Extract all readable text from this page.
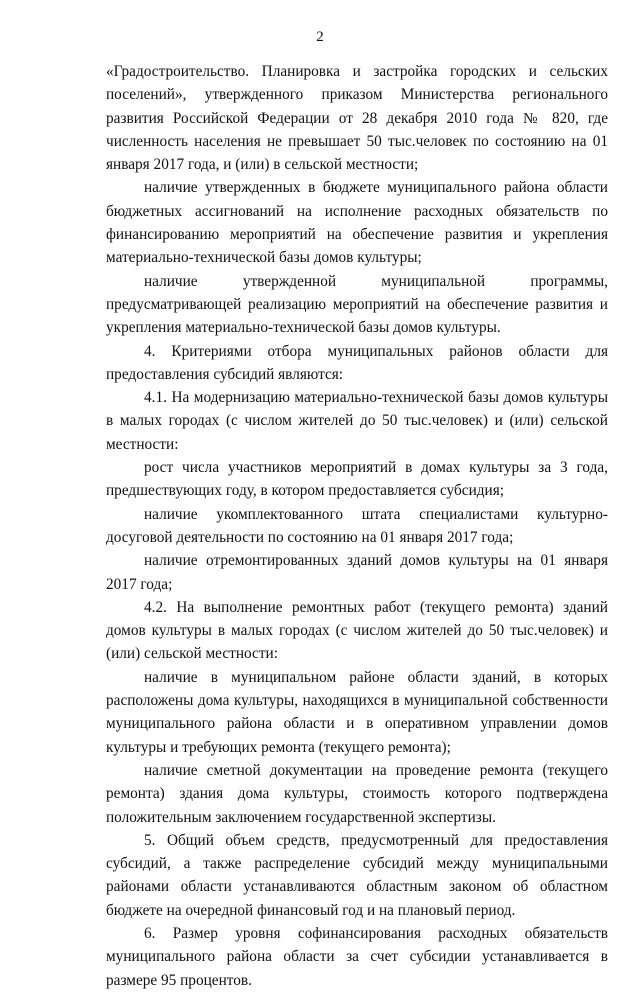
2

«Градостроительство. Планировка и застройка городских и сельских поселений», утвержденного приказом Министерства регионального развития Российской Федерации от 28 декабря 2010 года № 820, где численность населения не превышает 50 тыс.человек по состоянию на 01 января 2017 года, и (или) в сельской местности;

наличие утвержденных в бюджете муниципального района области бюджетных ассигнований на исполнение расходных обязательств по финансированию мероприятий на обеспечение развития и укрепления материально-технической базы домов культуры;

наличие утвержденной муниципальной программы, предусматривающей реализацию мероприятий на обеспечение развития и укрепления материально-технической базы домов культуры.

4. Критериями отбора муниципальных районов области для предоставления субсидий являются:

4.1. На модернизацию материально-технической базы домов культуры в малых городах (с числом жителей до 50 тыс.человек) и (или) сельской местности:

рост числа участников мероприятий в домах культуры за 3 года, предшествующих году, в котором предоставляется субсидия;

наличие укомплектованного штата специалистами культурно-досуговой деятельности по состоянию на 01 января 2017 года;

наличие отремонтированных зданий домов культуры на 01 января 2017 года;

4.2. На выполнение ремонтных работ (текущего ремонта) зданий домов культуры в малых городах (с числом жителей до 50 тыс.человек) и (или) сельской местности:

наличие в муниципальном районе области зданий, в которых расположены дома культуры, находящихся в муниципальной собственности муниципального района области и в оперативном управлении домов культуры и требующих ремонта (текущего ремонта);

наличие сметной документации на проведение ремонта (текущего ремонта) здания дома культуры, стоимость которого подтверждена положительным заключением государственной экспертизы.

5. Общий объем средств, предусмотренный для предоставления субсидий, а также распределение субсидий между муниципальными районами области устанавливаются областным законом об областном бюджете на очередной финансовый год и на плановый период.

6. Размер уровня софинансирования расходных обязательств муниципального района области за счет субсидии устанавливается в размере 95 процентов.
